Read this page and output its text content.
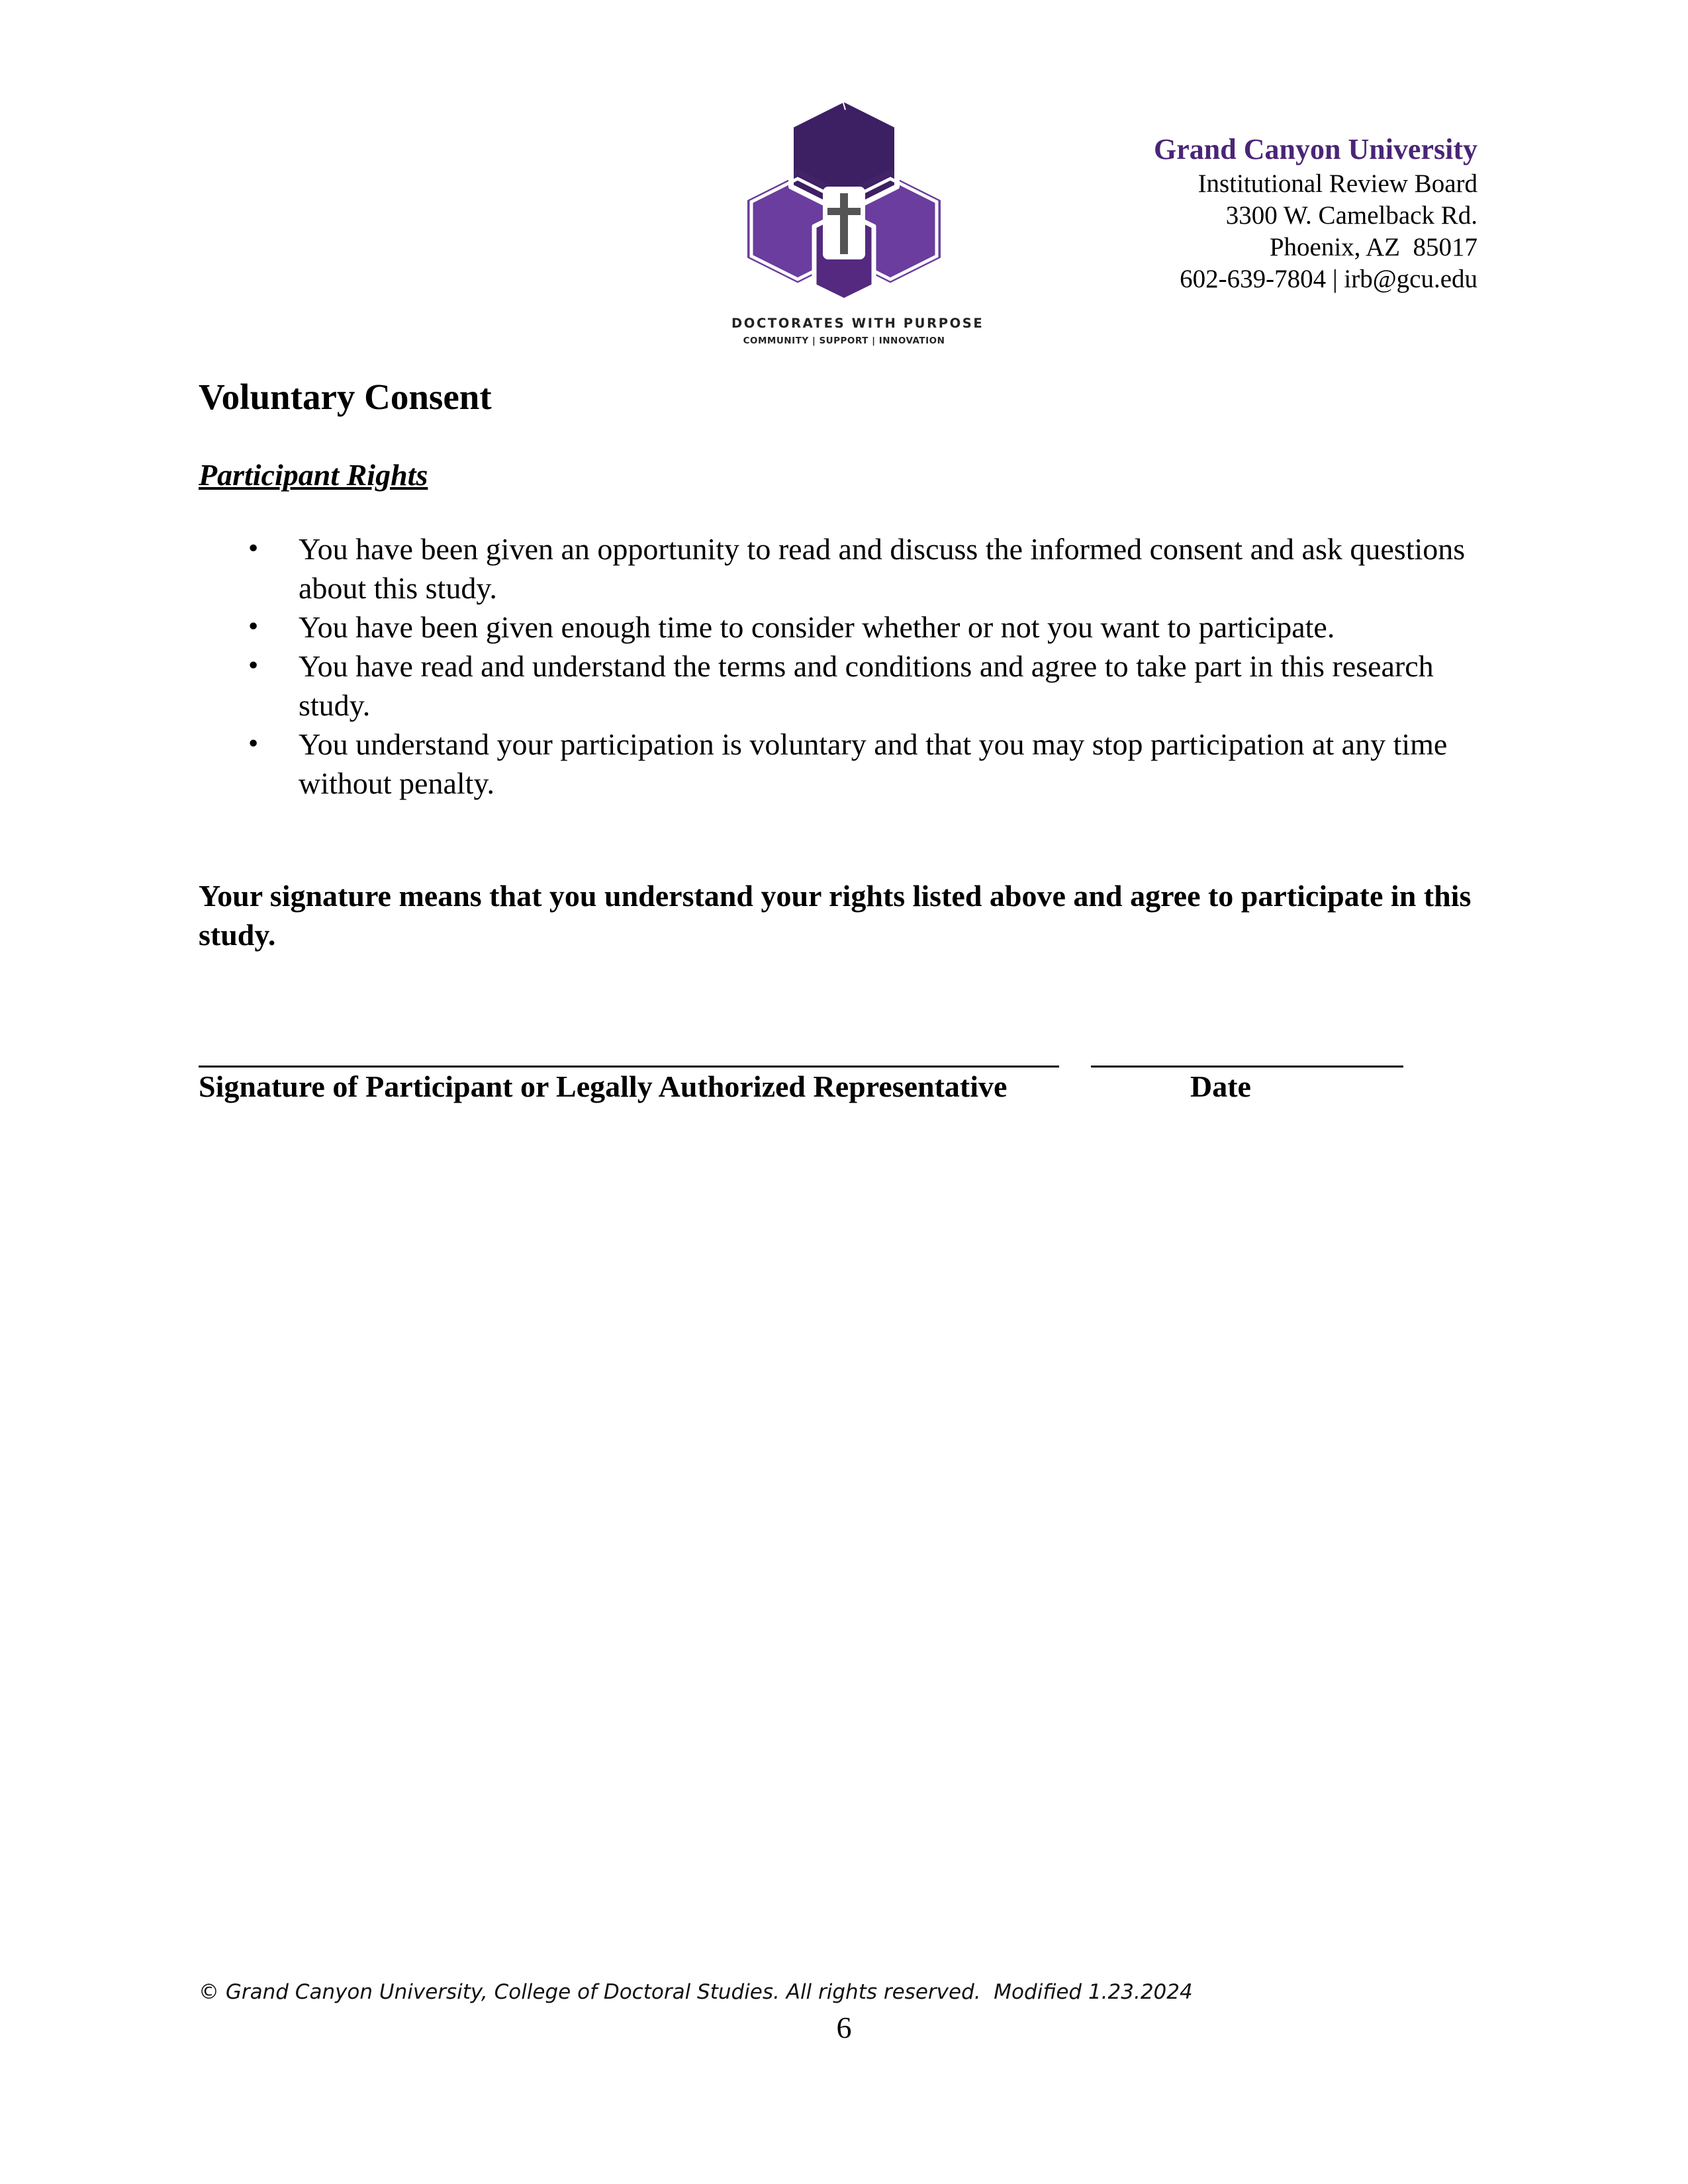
DOCTORATES WITH PURPOSE
COMMUNITY | SUPPORT | INNOVATION
Grand Canyon University
Institutional Review Board
3300 W. Camelback Rd.
Phoenix, AZ  85017
602-639-7804 | irb@gcu.edu
Voluntary Consent
Participant Rights
• You have been given an opportunity to read and discuss the informed consent and ask questions about this study.
• You have been given enough time to consider whether or not you want to participate.
• You have read and understand the terms and conditions and agree to take part in this research study.
• You understand your participation is voluntary and that you may stop participation at any time without penalty.
Your signature means that you understand your rights listed above and agree to participate in this study.
Signature of Participant or Legally Authorized Representative	Date
© Grand Canyon University, College of Doctoral Studies. All rights reserved.  Modified 1.23.2024
6
